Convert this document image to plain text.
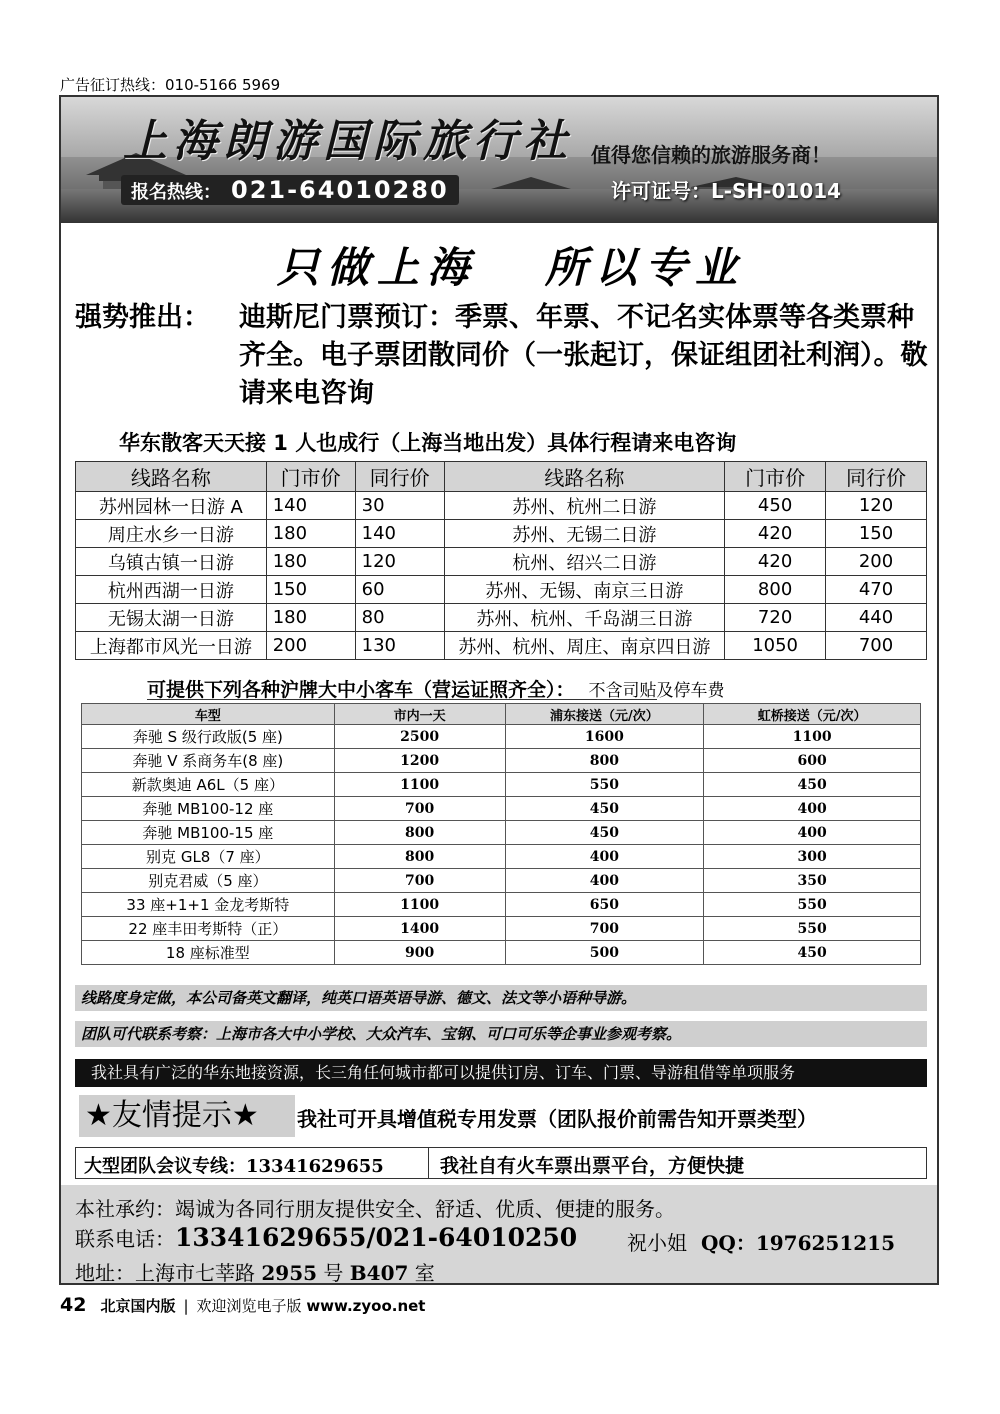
广告征订热线：010-5166 5969
上海朗游国际旅行社 值得您信赖的旅游服务商！
报名热线： 021-64010280	许可证号：L-SH-01014
只做上海   所以专业
强势推出： 迪斯尼门票预订：季票、年票、不记名实体票等各类票种齐全。电子票团散同价（一张起订，保证组团社利润）。敬请来电咨询
华东散客天天接 1 人也成行（上海当地出发）具体行程请来电咨询
线路名称	门市价	同行价	线路名称	门市价	同行价
苏州园林一日游 A	140	30	苏州、杭州二日游	450	120
周庄水乡一日游	180	140	苏州、无锡二日游	420	150
乌镇古镇一日游	180	120	杭州、绍兴二日游	420	200
杭州西湖一日游	150	60	苏州、无锡、南京三日游	800	470
无锡太湖一日游	180	80	苏州、杭州、千岛湖三日游	720	440
上海都市风光一日游	200	130	苏州、杭州、周庄、南京四日游	1050	700
可提供下列各种沪牌大中小客车（营运证照齐全）： 不含司贴及停车费
车型	市内一天	浦东接送（元/次）	虹桥接送（元/次）
奔驰 S 级行政版(5 座)	2500	1600	1100
奔驰 V 系商务车(8 座)	1200	800	600
新款奥迪 A6L（5 座）	1100	550	450
奔驰 MB100-12 座	700	450	400
奔驰 MB100-15 座	800	450	400
别克 GL8（7 座）	800	400	300
别克君威（5 座）	700	400	350
33 座+1+1 金龙考斯特	1100	650	550
22 座丰田考斯特（正）	1400	700	550
18 座标准型	900	500	450
线路度身定做，本公司备英文翻译，纯英口语英语导游、德文、法文等小语种导游。
团队可代联系考察：上海市各大中小学校、大众汽车、宝钢、可口可乐等企事业参观考察。
我社具有广泛的华东地接资源，长三角任何城市都可以提供订房、订车、门票、导游租借等单项服务
★友情提示★	我社可开具增值税专用发票（团队报价前需告知开票类型）
大型团队会议专线：13341629655	我社自有火车票出票平台，方便快捷
本社承约：竭诚为各同行朋友提供安全、舒适、优质、便捷的服务。
联系电话：13341629655/021-64010250 祝小姐 QQ：1976251215
地址：上海市七莘路 2955 号 B407 室
42 北京国内版 | 欢迎浏览电子版 www.zyoo.net
